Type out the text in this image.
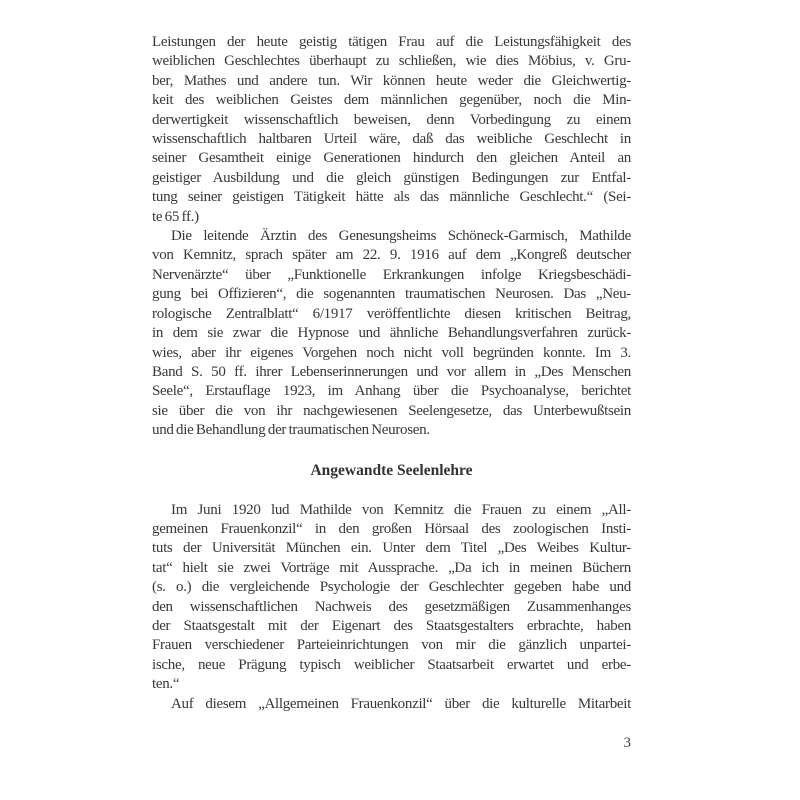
Leistungen der heute geistig tätigen Frau auf die Leistungsfähigkeit des
weiblichen Geschlechtes überhaupt zu schließen, wie dies Möbius, v. Gru-
ber, Mathes und andere tun. Wir können heute weder die Gleichwertig-
keit des weiblichen Geistes dem männlichen gegenüber, noch die Min-
derwertigkeit wissenschaftlich beweisen, denn Vorbedingung zu einem
wissenschaftlich haltbaren Urteil wäre, daß das weibliche Geschlecht in
seiner Gesamtheit einige Generationen hindurch den gleichen Anteil an
geistiger Ausbildung und die gleich günstigen Bedingungen zur Entfal-
tung seiner geistigen Tätigkeit hätte als das männliche Geschlecht.“ (Sei-
te 65 ff.)
Die leitende Ärztin des Genesungsheims Schöneck-Garmisch, Mathilde
von Kemnitz, sprach später am 22. 9. 1916 auf dem „Kongreß deutscher
Nervenärzte“ über „Funktionelle Erkrankungen infolge Kriegsbeschädi-
gung bei Offizieren“, die sogenannten traumatischen Neurosen. Das „Neu-
rologische Zentralblatt“ 6/1917 veröffentlichte diesen kritischen Beitrag,
in dem sie zwar die Hypnose und ähnliche Behandlungsverfahren zurück-
wies, aber ihr eigenes Vorgehen noch nicht voll begründen konnte. Im 3.
Band S. 50 ff. ihrer Lebenserinnerungen und vor allem in „Des Menschen
Seele“, Erstauflage 1923, im Anhang über die Psychoanalyse, berichtet
sie über die von ihr nachgewiesenen Seelengesetze, das Unterbewußtsein
und die Behandlung der traumatischen Neurosen.
Angewandte Seelenlehre
Im Juni 1920 lud Mathilde von Kemnitz die Frauen zu einem „All-
gemeinen Frauenkonzil“ in den großen Hörsaal des zoologischen Insti-
tuts der Universität München ein. Unter dem Titel „Des Weibes Kultur-
tat“ hielt sie zwei Vorträge mit Aussprache. „Da ich in meinen Büchern
(s. o.) die vergleichende Psychologie der Geschlechter gegeben habe und
den wissenschaftlichen Nachweis des gesetzmäßigen Zusammenhanges
der Staatsgestalt mit der Eigenart des Staatsgestalters erbrachte, haben
Frauen verschiedener Parteieinrichtungen von mir die gänzlich unpartei-
ische, neue Prägung typisch weiblicher Staatsarbeit erwartet und erbe-
ten.“
Auf diesem „Allgemeinen Frauenkonzil“ über die kulturelle Mitarbeit
3
